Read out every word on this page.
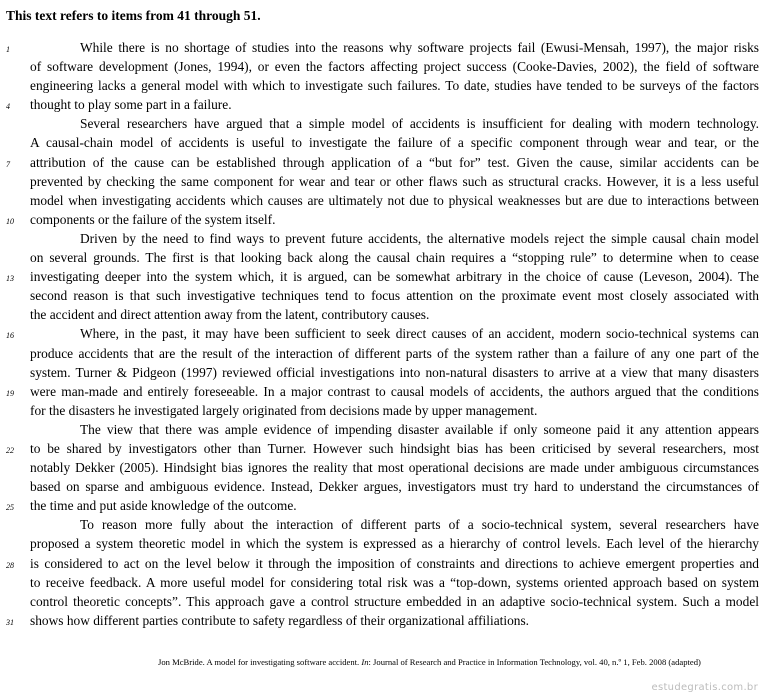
This text refers to items from 41 through 51.
1	While there is no shortage of studies into the reasons why software projects fail (Ewusi-Mensah, 1997), the major risks
of software development (Jones, 1994), or even the factors affecting project success (Cooke-Davies, 2002), the field of software
engineering lacks a general model with which to investigate such failures. To date, studies have tended to be surveys of the factors
4	thought to play some part in a failure.
Several researchers have argued that a simple model of accidents is insufficient for dealing with modern technology.
A causal-chain model of accidents is useful to investigate the failure of a specific component through wear and tear, or the
7	attribution of the cause can be established through application of a “but for” test. Given the cause, similar accidents can be
prevented by checking the same component for wear and tear or other flaws such as structural cracks. However, it is a less useful
model when investigating accidents which causes are ultimately not due to physical weaknesses but are due to interactions between
10	components or the failure of the system itself.
Driven by the need to find ways to prevent future accidents, the alternative models reject the simple causal chain model
on several grounds. The first is that looking back along the causal chain requires a “stopping rule” to determine when to cease
13	investigating deeper into the system which, it is argued, can be somewhat arbitrary in the choice of cause (Leveson, 2004). The
second reason is that such investigative techniques tend to focus attention on the proximate event most closely associated with
the accident and direct attention away from the latent, contributory causes.
16	Where, in the past, it may have been sufficient to seek direct causes of an accident, modern socio-technical systems can
produce accidents that are the result of the interaction of different parts of the system rather than a failure of any one part of the
system. Turner & Pidgeon (1997) reviewed official investigations into non-natural disasters to arrive at a view that many disasters
19	were man-made and entirely foreseeable. In a major contrast to causal models of accidents, the authors argued that the conditions
for the disasters he investigated largely originated from decisions made by upper management.
The view that there was ample evidence of impending disaster available if only someone paid it any attention appears
22	to be shared by investigators other than Turner. However such hindsight bias has been criticised by several researchers, most
notably Dekker (2005). Hindsight bias ignores the reality that most operational decisions are made under ambiguous circumstances
based on sparse and ambiguous evidence. Instead, Dekker argues, investigators must try hard to understand the circumstances of
25	the time and put aside knowledge of the outcome.
To reason more fully about the interaction of different parts of a socio-technical system, several researchers have
proposed a system theoretic model in which the system is expressed as a hierarchy of control levels. Each level of the hierarchy
28	is considered to act on the level below it through the imposition of constraints and directions to achieve emergent properties and
to receive feedback. A more useful model for considering total risk was a “top-down, systems oriented approach based on system
control theoretic concepts”. This approach gave a control structure embedded in an adaptive socio-technical system. Such a model
31	shows how different parties contribute to safety regardless of their organizational affiliations.
Jon McBride. A model for investigating software accident. In: Journal of Research and Practice in Information Technology, vol. 40, n.º 1, Feb. 2008 (adapted)
estudegratis.com.br
